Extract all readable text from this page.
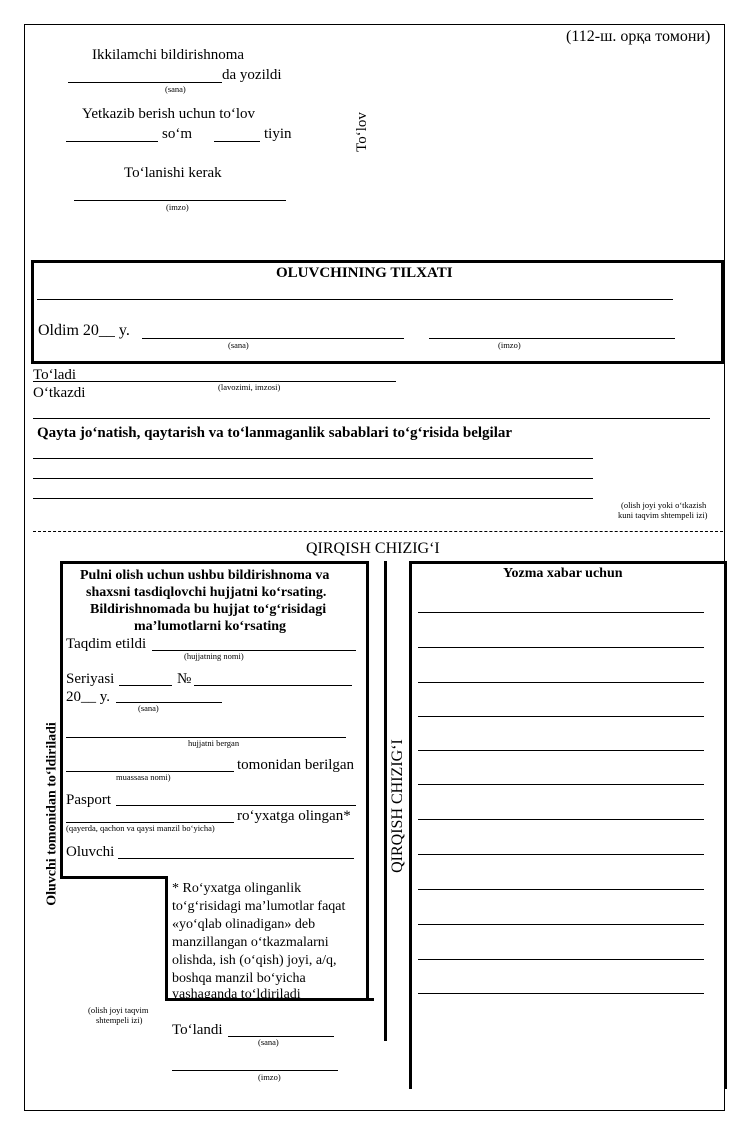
(112-ш. орқа томони)
Ikkilamchi bildirishnoma
da yozildi
(sana)
Yetkazib berish uchun to‘lov
so‘m	tiyin
To‘lanishi kerak
(imzo)
To‘lov
OLUVCHINING TILXATI
Oldim 20__ y.
(sana)	(imzo)
To‘ladi
(lavozimi, imzosi)
O‘tkazdi
Qayta jo‘natish, qaytarish va to‘lanmaganlik sabablari to‘g‘risida belgilar
(olish joyi yoki o‘tkazish
kuni taqvim shtempeli izi)
QIRQISH CHIZIG‘I
Oluvchi tomonidan to‘ldiriladi
Pulni olish uchun ushbu bildirishnoma va
shaxsni tasdiqlovchi hujjatni ko‘rsating.
Bildirishnomada bu hujjat to‘g‘risidagi
ma’lumotlarni ko‘rsating
Taqdim etildi
(hujjatning nomi)
Seriyasi	№
20__ y.
(sana)
hujjatni bergan
tomonidan berilgan
muassasa nomi)
Pasport
ro‘yxatga olingan*
(qayerda, qachon va qaysi manzil bo‘yicha)
Oluvchi
* Ro‘yxatga olinganlik
to‘g‘risidagi ma’lumotlar faqat
«yo‘qlab olinadigan» deb
manzillangan o‘tkazmalarni
olishda, ish (o‘qish) joyi, a/q,
boshqa manzil bo‘yicha
yashaganda to‘ldiriladi
(olish joyi taqvim
shtempeli izi)
To‘landi
(sana)
(imzo)
QIRQISH CHIZIG‘I
Yozma xabar uchun
